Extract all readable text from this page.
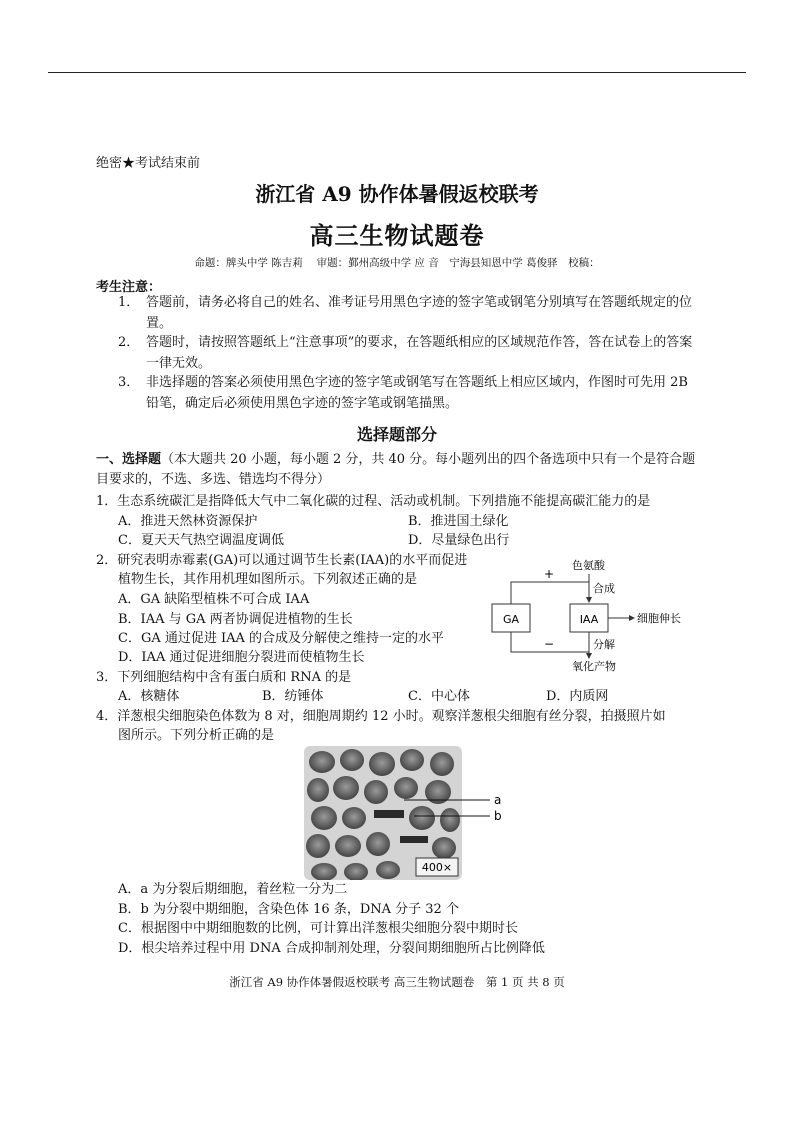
绝密★考试结束前
浙江省 A9 协作体暑假返校联考
高三生物试题卷
命题：牌头中学 陈吉莉　 审题：鄞州高级中学 应 音　宁海县知恩中学 葛俊驿　校稿：
考生注意：
1． 答题前，请务必将自己的姓名、准考证号用黑色字迹的签字笔或钢笔分别填写在答题纸规定的位置。
2． 答题时，请按照答题纸上“注意事项”的要求，在答题纸相应的区域规范作答，答在试卷上的答案一律无效。
3． 非选择题的答案必须使用黑色字迹的签字笔或钢笔写在答题纸上相应区域内，作图时可先用 2B 铅笔，确定后必须使用黑色字迹的签字笔或钢笔描黑。
选择题部分
一、选择题（本大题共 20 小题，每小题 2 分，共 40 分。每小题列出的四个备选项中只有一个是符合题目要求的，不选、多选、错选均不得分）
1．生态系统碳汇是指降低大气中二氧化碳的过程、活动或机制。下列措施不能提高碳汇能力的是
A．推进天然林资源保护	B．推进国土绿化
C．夏天天气热空调温度调低	D．尽量绿色出行
2．研究表明赤霉素(GA)可以通过调节生长素(IAA)的水平而促进
植物生长，其作用机理如图所示。下列叙述正确的是
A．GA 缺陷型植株不可合成 IAA
B．IAA 与 GA 两者协调促进植物的生长
C．GA 通过促进 IAA 的合成及分解使之维持一定的水平
D．IAA 通过促进细胞分裂进而使植物生长
GA	IAA
色氨酸
合成
+
−	分解
氧化产物
细胞伸长
3．下列细胞结构中含有蛋白质和 RNA 的是
A．核糖体	B．纺锤体	C．中心体	D．内质网
4．洋葱根尖细胞染色体数为 8 对，细胞周期约 12 小时。观察洋葱根尖细胞有丝分裂，拍摄照片如
图所示。下列分析正确的是
a
b
400×
A．a 为分裂后期细胞，着丝粒一分为二
B．b 为分裂中期细胞，含染色体 16 条，DNA 分子 32 个
C．根据图中中期细胞数的比例，可计算出洋葱根尖细胞分裂中期时长
D．根尖培养过程中用 DNA 合成抑制剂处理，分裂间期细胞所占比例降低
浙江省 A9 协作体暑假返校联考 高三生物试题卷　第 1 页 共 8 页
